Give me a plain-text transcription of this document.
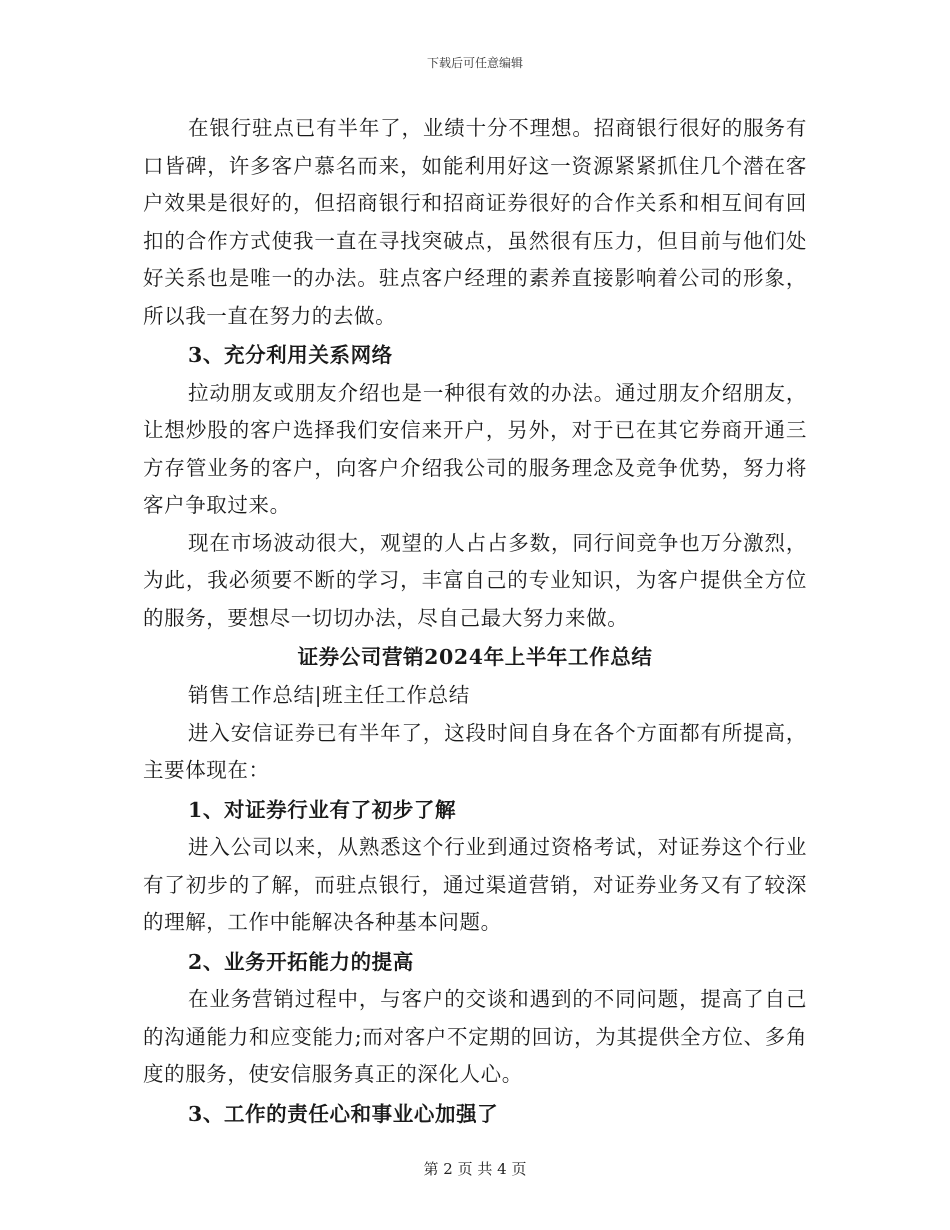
下载后可任意编辑

在银行驻点已有半年了，业绩十分不理想。招商银行很好的服务有口皆碑，许多客户慕名而来，如能利用好这一资源紧紧抓住几个潜在客户效果是很好的，但招商银行和招商证券很好的合作关系和相互间有回扣的合作方式使我一直在寻找突破点，虽然很有压力，但目前与他们处好关系也是唯一的办法。驻点客户经理的素养直接影响着公司的形象，所以我一直在努力的去做。

3、充分利用关系网络

拉动朋友或朋友介绍也是一种很有效的办法。通过朋友介绍朋友，让想炒股的客户选择我们安信来开户，另外，对于已在其它券商开通三方存管业务的客户，向客户介绍我公司的服务理念及竞争优势，努力将客户争取过来。

现在市场波动很大，观望的人占占多数，同行间竞争也万分激烈，为此，我必须要不断的学习，丰富自己的专业知识，为客户提供全方位的服务，要想尽一切切办法，尽自己最大努力来做。

证券公司营销2024年上半年工作总结

销售工作总结|班主任工作总结

进入安信证券已有半年了，这段时间自身在各个方面都有所提高，主要体现在：

1、对证券行业有了初步了解

进入公司以来，从熟悉这个行业到通过资格考试，对证券这个行业有了初步的了解，而驻点银行，通过渠道营销，对证券业务又有了较深的理解，工作中能解决各种基本问题。

2、业务开拓能力的提高

在业务营销过程中，与客户的交谈和遇到的不同问题，提高了自己的沟通能力和应变能力;而对客户不定期的回访，为其提供全方位、多角度的服务，使安信服务真正的深化人心。

3、工作的责任心和事业心加强了

第 2 页 共 4 页
